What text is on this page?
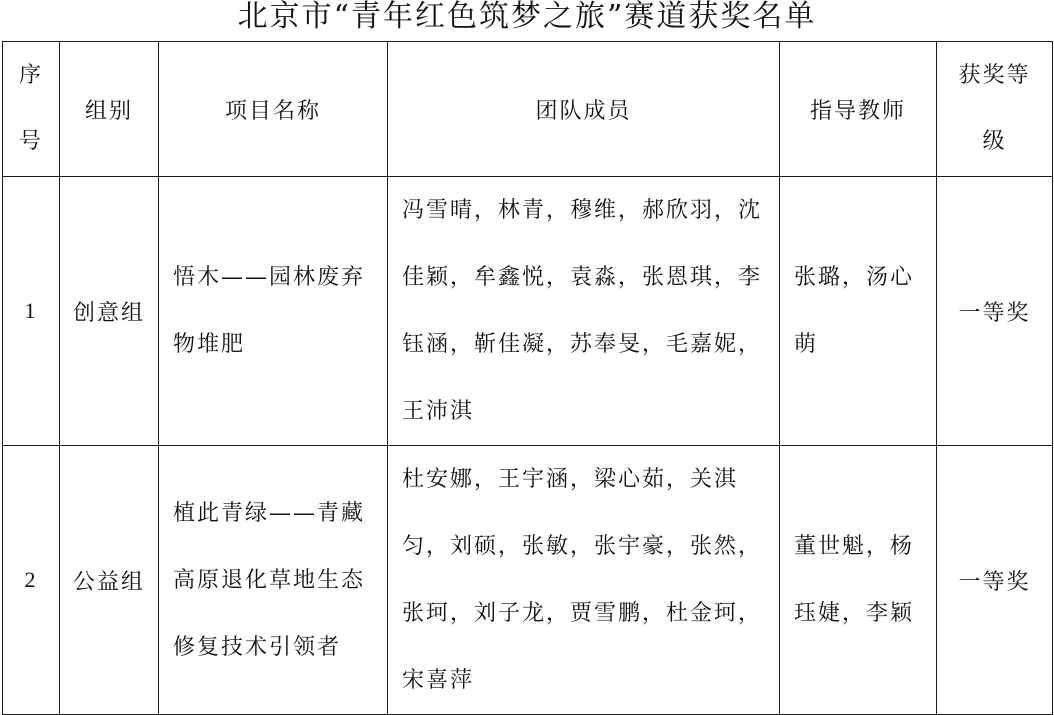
北京市“青年红色筑梦之旅”赛道获奖名单
序号	组别	项目名称	团队成员	指导教师	获奖等级

1	创意组	悟木——园林废弃物堆肥	冯雪晴，林青，穆维，郝欣羽，沈佳颖，牟鑫悦，袁淼，张恩琪，李钰涵，靳佳凝，苏奉旻，毛嘉妮，王沛淇	张璐，汤心萌	一等奖
2	公益组	植此青绿——青藏高原退化草地生态修复技术引领者	杜安娜，王宇涵，梁心茹，关淇匀，刘硕，张敏，张宇豪，张然，张珂，刘子龙，贾雪鹏，杜金珂，宋喜萍	董世魁，杨珏婕，李颖	一等奖
